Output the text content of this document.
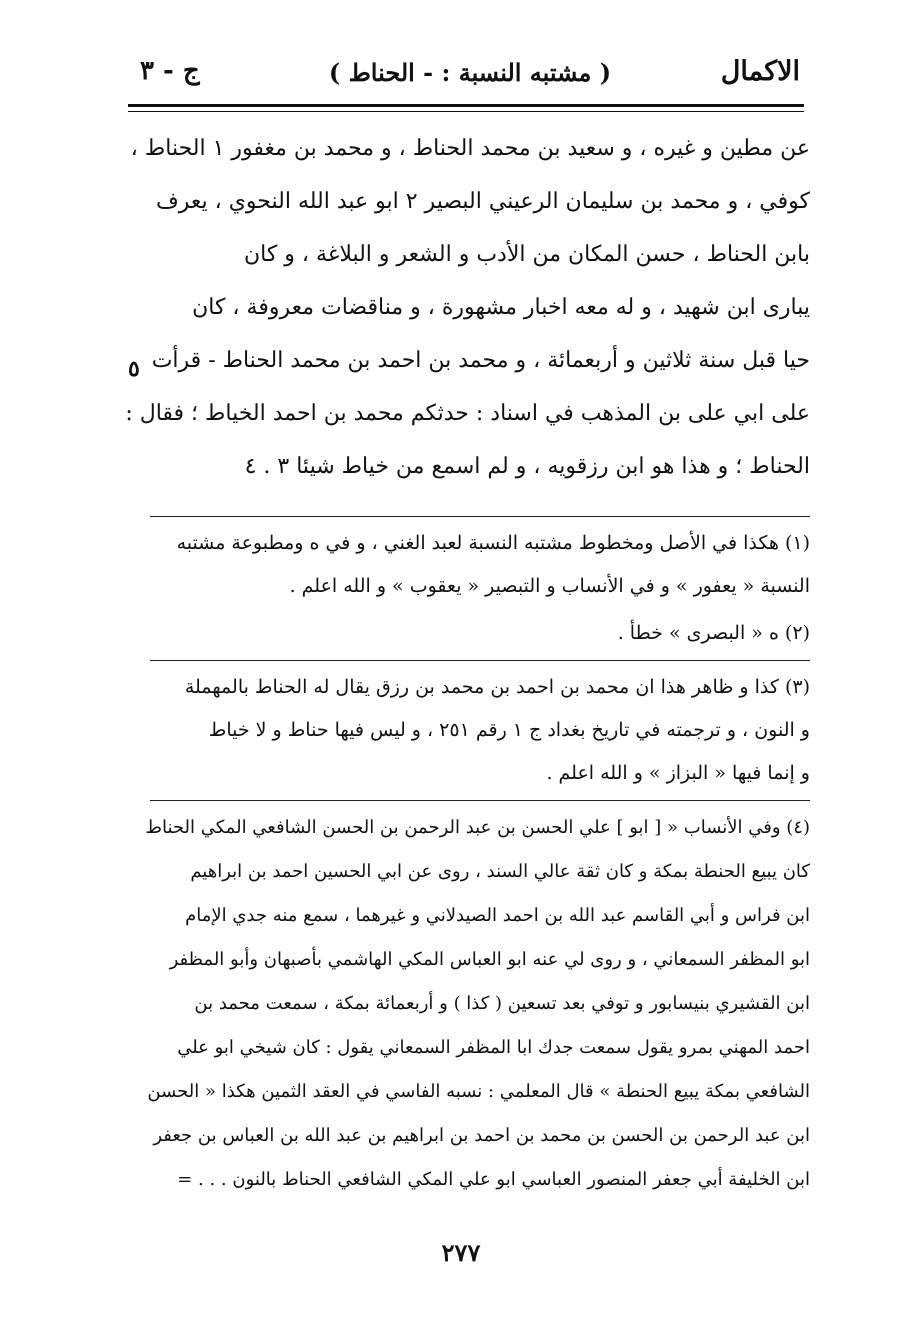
الاكمال
( مشتبه النسبة : - الحناط )
ج - ٣
عن مطين و غيره ، و سعيد بن محمد الحناط ، و محمد بن مغفور ١ الحناط ،
كوفي ، و محمد بن سليمان الرعيني البصير ٢ ابو عبد الله النحوي ، يعرف
بابن الحناط ، حسن المكان من الأدب و الشعر و البلاغة ، و كان
يبارى ابن شهيد ، و له معه اخبار مشهورة ، و مناقضات معروفة ، كان
حيا قبل سنة ثلاثين و أربعمائة ، و محمد بن احمد بن محمد الحناط - قرأت
على ابي على بن المذهب في اسناد : حدثكم محمد بن احمد الخياط ؛ فقال :
الحناط ؛ و هذا هو ابن رزقويه ، و لم اسمع من خياط شيئا ٣ . ٤
٥
(١) هكذا في الأصل ومخطوط مشتبه النسبة لعبد الغني ، و في ه ومطبوعة مشتبه
النسبة « يعفور » و في الأنساب و التبصير « يعقوب » و الله اعلم .
(٢) ه « البصرى » خطأ .
(٣) كذا و ظاهر هذا ان محمد بن احمد بن محمد بن رزق يقال له الحناط بالمهملة
و النون ، و ترجمته في تاريخ بغداد ج ١ رقم ٢٥١ ، و ليس فيها حناط و لا خياط
و إنما فيها « البزاز » و الله اعلم .
(٤) وفي الأنساب « [ ابو ] علي الحسن بن عبد الرحمن بن الحسن الشافعي المكي الحناط
كان يبيع الحنطة بمكة و كان ثقة عالي السند ، روى عن ابي الحسين احمد بن ابراهيم
ابن فراس و أبي القاسم عبد الله بن احمد الصيدلاني و غيرهما ، سمع منه جدي الإمام
ابو المظفر السمعاني ، و روى لي عنه ابو العباس المكي الهاشمي بأصبهان وأبو المظفر
ابن القشيري بنيسابور و توفي بعد تسعين ( كذا ) و أربعمائة بمكة ، سمعت محمد بن
احمد المهني بمرو يقول سمعت جدك ابا المظفر السمعاني يقول : كان شيخي ابو علي
الشافعي بمكة يبيع الحنطة » قال المعلمي : نسبه الفاسي في العقد الثمين هكذا « الحسن
ابن عبد الرحمن بن الحسن بن محمد بن احمد بن ابراهيم بن عبد الله بن العباس بن جعفر
ابن الخليفة أبي جعفر المنصور العباسي ابو علي المكي الشافعي الحناط بالنون . . . =
٢٧٧
